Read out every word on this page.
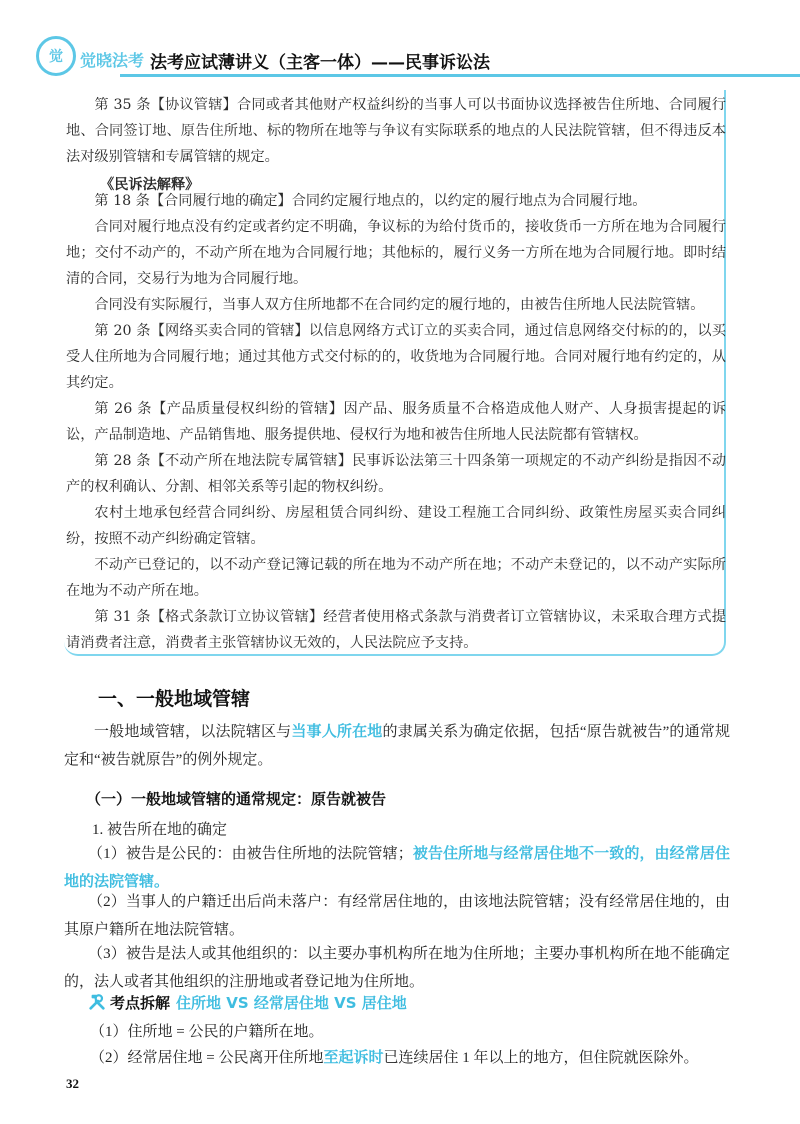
觉 觉晓法考 法考应试薄讲义（主客一体）——民事诉讼法

第 35 条【协议管辖】合同或者其他财产权益纠纷的当事人可以书面协议选择被告住所地、合同履行地、合同签订地、原告住所地、标的物所在地等与争议有实际联系的地点的人民法院管辖，但不得违反本法对级别管辖和专属管辖的规定。

《民诉法解释》

第 18 条【合同履行地的确定】合同约定履行地点的，以约定的履行地点为合同履行地。

合同对履行地点没有约定或者约定不明确，争议标的为给付货币的，接收货币一方所在地为合同履行地；交付不动产的，不动产所在地为合同履行地；其他标的，履行义务一方所在地为合同履行地。即时结清的合同，交易行为地为合同履行地。

合同没有实际履行，当事人双方住所地都不在合同约定的履行地的，由被告住所地人民法院管辖。

第 20 条【网络买卖合同的管辖】以信息网络方式订立的买卖合同，通过信息网络交付标的的，以买受人住所地为合同履行地；通过其他方式交付标的的，收货地为合同履行地。合同对履行地有约定的，从其约定。

第 26 条【产品质量侵权纠纷的管辖】因产品、服务质量不合格造成他人财产、人身损害提起的诉讼，产品制造地、产品销售地、服务提供地、侵权行为地和被告住所地人民法院都有管辖权。

第 28 条【不动产所在地法院专属管辖】民事诉讼法第三十四条第一项规定的不动产纠纷是指因不动产的权利确认、分割、相邻关系等引起的物权纠纷。

农村土地承包经营合同纠纷、房屋租赁合同纠纷、建设工程施工合同纠纷、政策性房屋买卖合同纠纷，按照不动产纠纷确定管辖。

不动产已登记的，以不动产登记簿记载的所在地为不动产所在地；不动产未登记的，以不动产实际所在地为不动产所在地。

第 31 条【格式条款订立协议管辖】经营者使用格式条款与消费者订立管辖协议，未采取合理方式提请消费者注意，消费者主张管辖协议无效的，人民法院应予支持。

一、一般地域管辖

一般地域管辖，以法院辖区与当事人所在地的隶属关系为确定依据，包括“原告就被告”的通常规定和“被告就原告”的例外规定。

（一）一般地域管辖的通常规定：原告就被告

1. 被告所在地的确定

（1）被告是公民的：由被告住所地的法院管辖；被告住所地与经常居住地不一致的，由经常居住地的法院管辖。

（2）当事人的户籍迁出后尚未落户：有经常居住地的，由该地法院管辖；没有经常居住地的，由其原户籍所在地法院管辖。

（3）被告是法人或其他组织的：以主要办事机构所在地为住所地；主要办事机构所在地不能确定的，法人或者其他组织的注册地或者登记地为住所地。

考点拆解 住所地 VS 经常居住地 VS 居住地

（1）住所地 = 公民的户籍所在地。

（2）经常居住地 = 公民离开住所地至起诉时已连续居住 1 年以上的地方，但住院就医除外。

32
